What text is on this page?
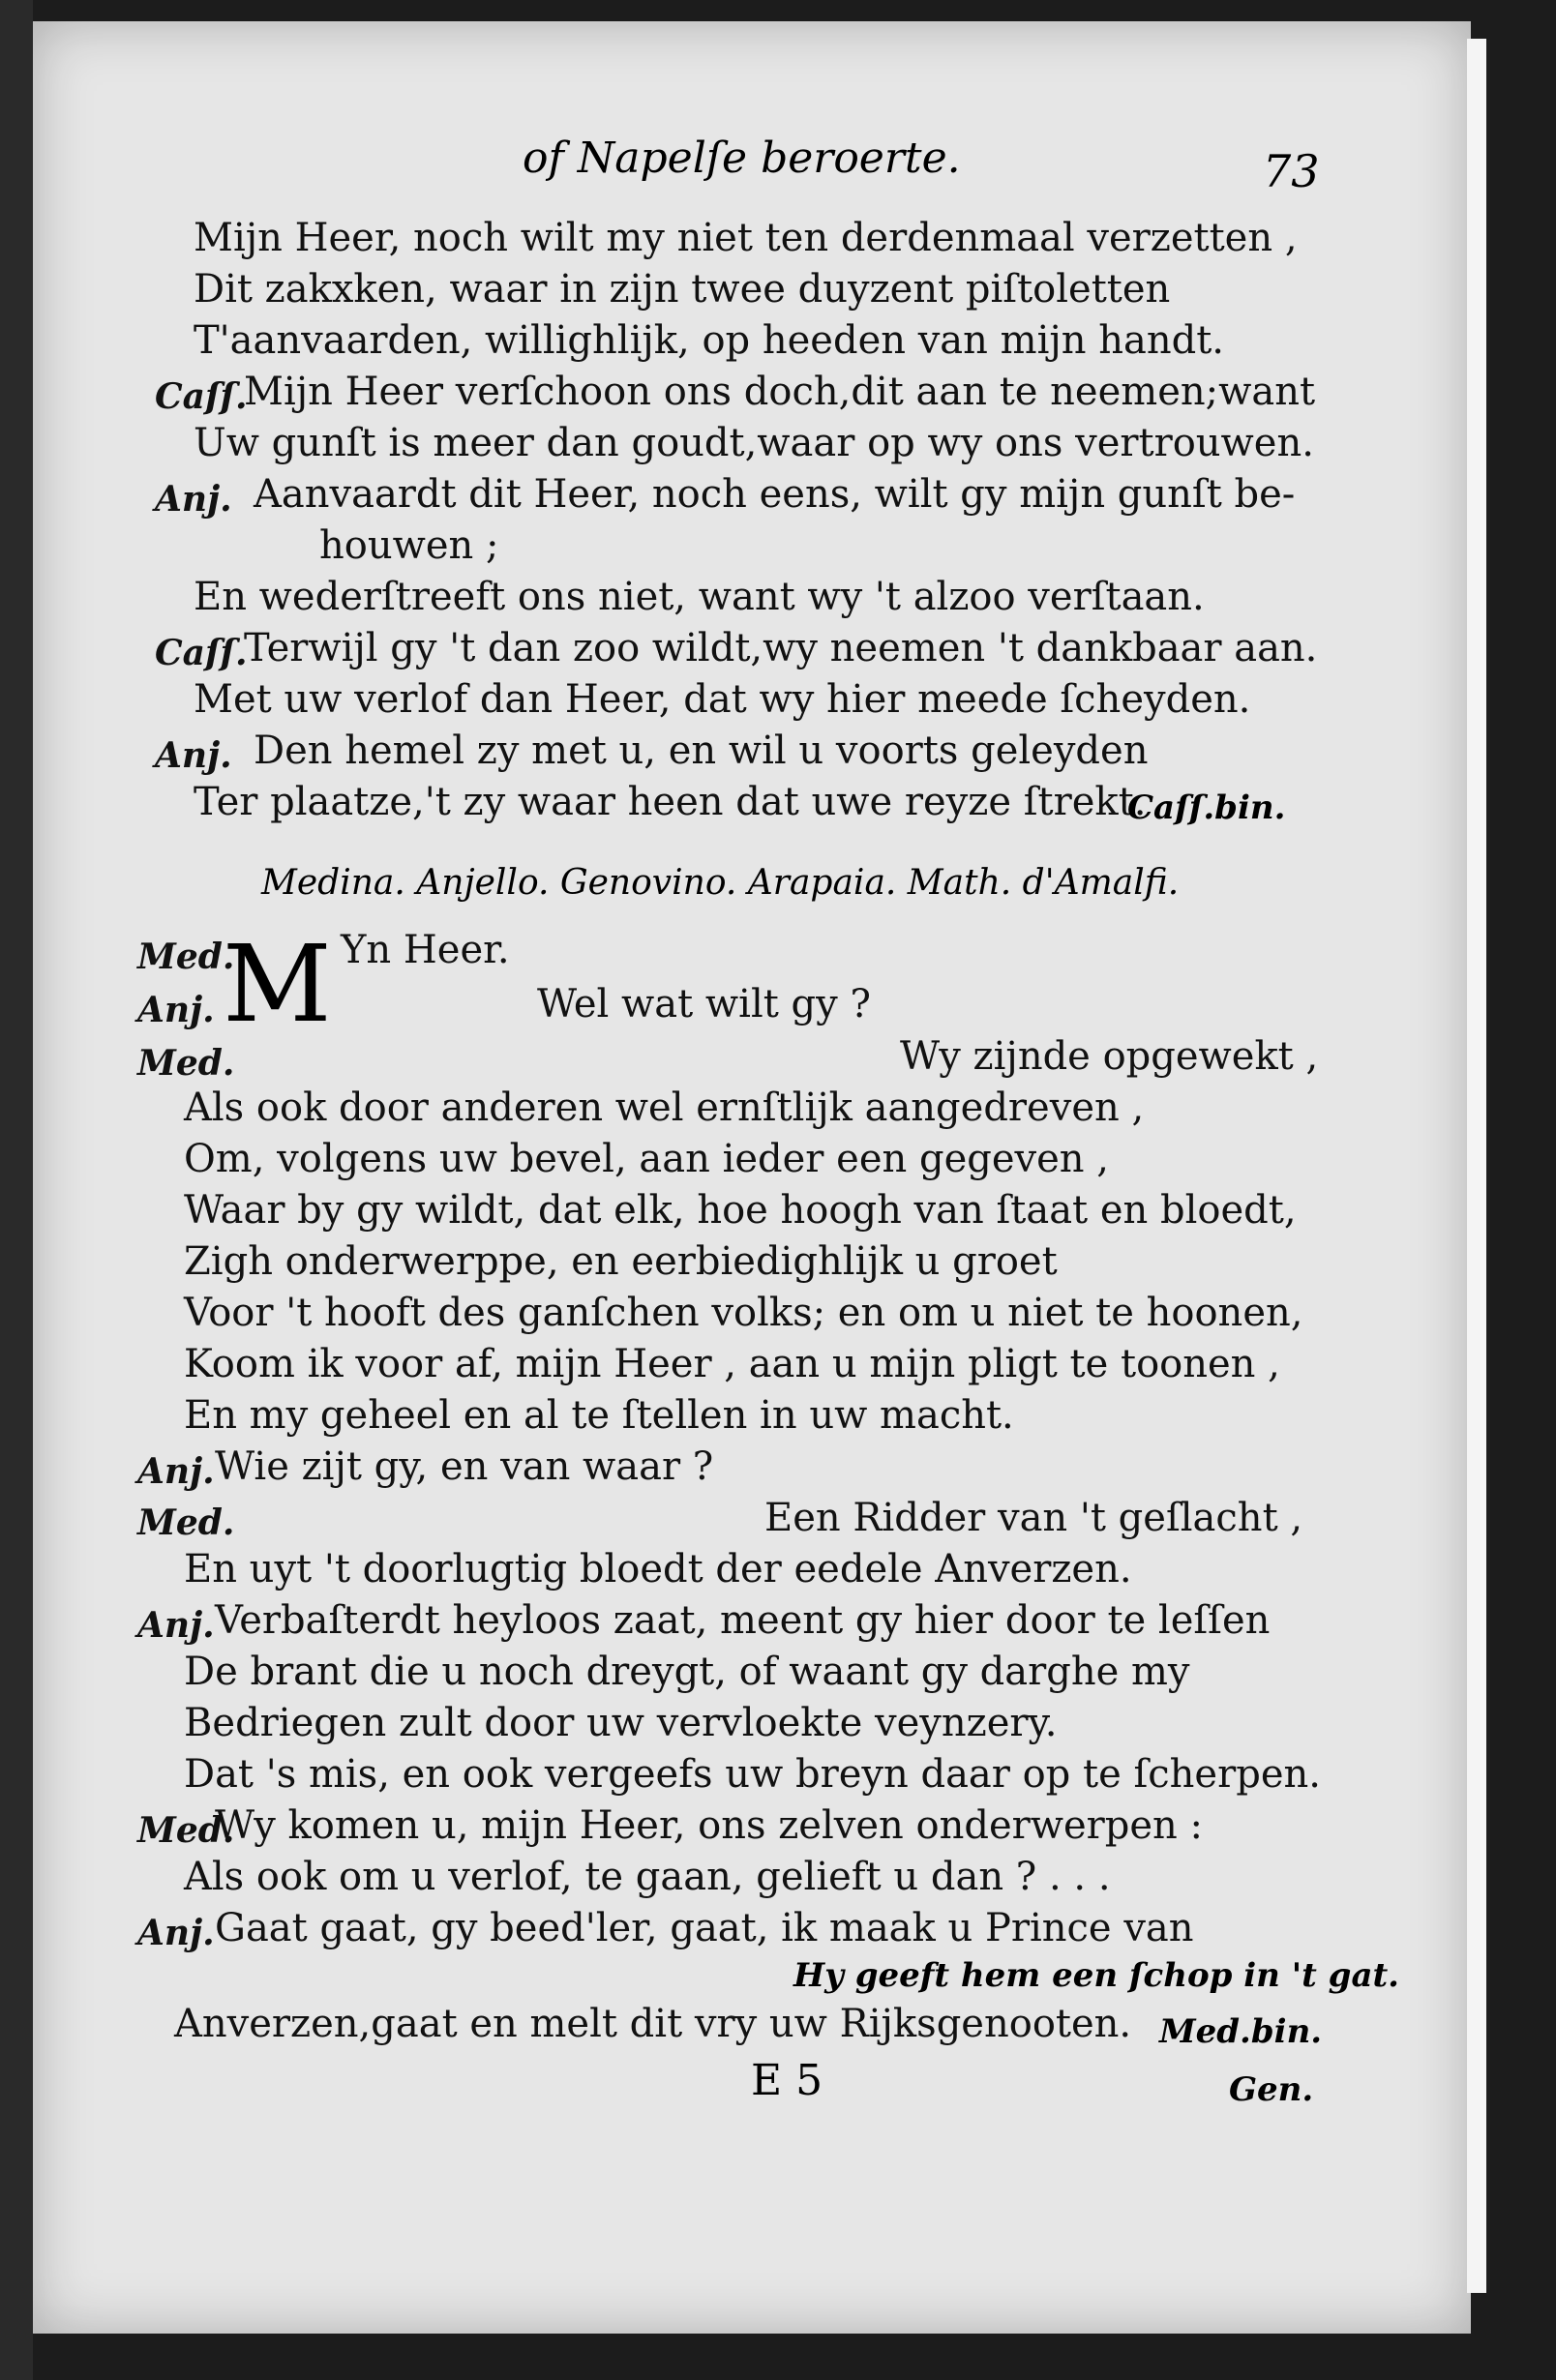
of Napelſe beroerte.	73
Mijn Heer, noch wilt my niet ten derdenmaal verzetten ,
Dit zakxken, waar in zijn twee duyzent piſtoletten
T'aanvaarden, willighlijk, op heeden van mijn handt.
Caſſ.
Mijn Heer verſchoon ons doch,dit aan te neemen;want
Uw gunſt is meer dan goudt,waar op wy ons vertrouwen.
Anj. Aanvaardt dit Heer, noch eens, wilt gy mijn gunſt be-
houwen ;
En wederſtreeft ons niet, want wy 't alzoo verſtaan.
Caſſ.
Terwijl gy 't dan zoo wildt,wy neemen 't dankbaar aan.
Met uw verlof dan Heer, dat wy hier meede ſcheyden.
Anj. Den hemel zy met u, en wil u voorts geleyden
Ter plaatze,'t zy waar heen dat uwe reyze ſtrekt.
Caſſ.bin.
Medina. Anjello. Genovino. Arapaia. Math. d'Amalfi.
Med.
M Yn Heer.
Anj.	Wel wat wilt gy ?
Med.	Wy zijnde opgewekt ,
Als ook door anderen wel ernſtlijk aangedreven ,
Om, volgens uw bevel, aan ieder een gegeven ,
Waar by gy wildt, dat elk, hoe hoogh van ſtaat en bloedt,
Zigh onderwerppe, en eerbiedighlijk u groet
Voor 't hooft des ganſchen volks; en om u niet te hoonen,
Koom ik voor af, mijn Heer , aan u mijn pligt te toonen ,
En my geheel en al te ſtellen in uw macht.
Anj. Wie zijt gy, en van waar ?
Med.	Een Ridder van 't geſlacht ,
En uyt 't doorlugtig bloedt der eedele Anverzen.
Anj. Verbaſterdt heyloos zaat, meent gy hier door te leſſen
De brant die u noch dreygt, of waant gy darghe my
Bedriegen zult door uw vervloekte veynzery.
Dat 's mis, en ook vergeefs uw breyn daar op te ſcherpen.
Med.
Wy komen u, mijn Heer, ons zelven onderwerpen :
Als ook om u verlof, te gaan, gelieft u dan ? . . .
Anj. Gaat gaat, gy beed'ler, gaat, ik maak u Prince van
Hy geeft hem een ſchop in 't gat.
Anverzen,gaat en melt dit vry uw Rijksgenooten. Med.bin.
E 5	Gen.
